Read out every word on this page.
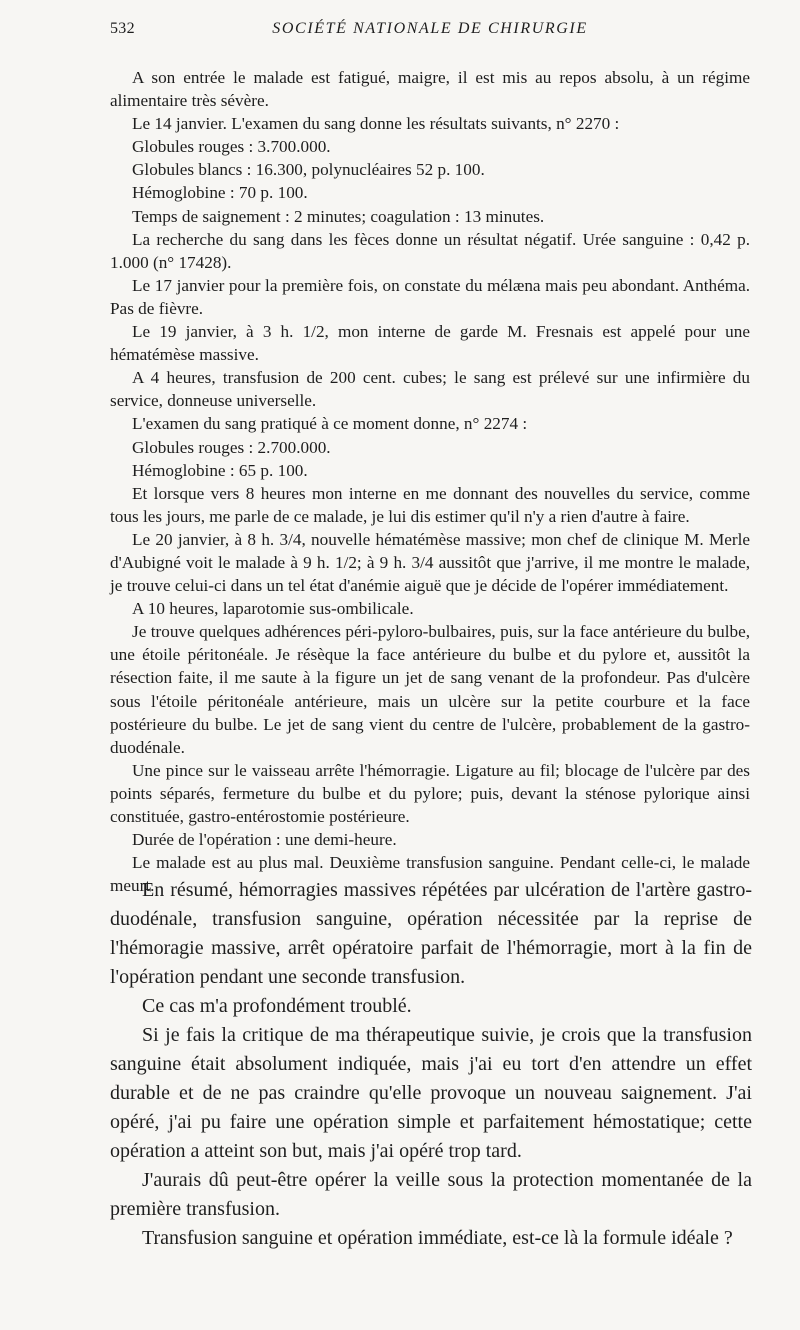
532	SOCIÉTÉ NATIONALE DE CHIRURGIE

A son entrée le malade est fatigué, maigre, il est mis au repos absolu, à un régime alimentaire très sévère.

Le 14 janvier. L'examen du sang donne les résultats suivants, n° 2270 :

Globules rouges : 3.700.000.

Globules blancs : 16.300, polynucléaires 52 p. 100.

Hémoglobine : 70 p. 100.

Temps de saignement : 2 minutes; coagulation : 13 minutes.

La recherche du sang dans les fèces donne un résultat négatif. Urée sanguine : 0,42 p. 1.000 (n° 17428).

Le 17 janvier pour la première fois, on constate du mélæna mais peu abondant. Anthéma. Pas de fièvre.

Le 19 janvier, à 3 h. 1/2, mon interne de garde M. Fresnais est appelé pour une hématémèse massive.

A 4 heures, transfusion de 200 cent. cubes; le sang est prélevé sur une infirmière du service, donneuse universelle.

L'examen du sang pratiqué à ce moment donne, n° 2274 :

Globules rouges : 2.700.000.

Hémoglobine : 65 p. 100.

Et lorsque vers 8 heures mon interne en me donnant des nouvelles du service, comme tous les jours, me parle de ce malade, je lui dis estimer qu'il n'y a rien d'autre à faire.

Le 20 janvier, à 8 h. 3/4, nouvelle hématémèse massive; mon chef de clinique M. Merle d'Aubigné voit le malade à 9 h. 1/2; à 9 h. 3/4 aussitôt que j'arrive, il me montre le malade, je trouve celui-ci dans un tel état d'anémie aiguë que je décide de l'opérer immédiatement.

A 10 heures, laparotomie sus-ombilicale.

Je trouve quelques adhérences péri-pyloro-bulbaires, puis, sur la face antérieure du bulbe, une étoile péritonéale. Je résèque la face antérieure du bulbe et du pylore et, aussitôt la résection faite, il me saute à la figure un jet de sang venant de la profondeur. Pas d'ulcère sous l'étoile péritonéale antérieure, mais un ulcère sur la petite courbure et la face postérieure du bulbe. Le jet de sang vient du centre de l'ulcère, probablement de la gastro-duodénale.

Une pince sur le vaisseau arrête l'hémorragie. Ligature au fil; blocage de l'ulcère par des points séparés, fermeture du bulbe et du pylore; puis, devant la sténose pylorique ainsi constituée, gastro-entérostomie postérieure.

Durée de l'opération : une demi-heure.

Le malade est au plus mal. Deuxième transfusion sanguine. Pendant celle-ci, le malade meurt.

En résumé, hémorragies massives répétées par ulcération de l'artère gastro-duodénale, transfusion sanguine, opération nécessitée par la reprise de l'hémoragie massive, arrêt opératoire parfait de l'hémorragie, mort à la fin de l'opération pendant une seconde transfusion.

Ce cas m'a profondément troublé.

Si je fais la critique de ma thérapeutique suivie, je crois que la transfusion sanguine était absolument indiquée, mais j'ai eu tort d'en attendre un effet durable et de ne pas craindre qu'elle provoque un nouveau saignement. J'ai opéré, j'ai pu faire une opération simple et parfaitement hémostatique; cette opération a atteint son but, mais j'ai opéré trop tard.

J'aurais dû peut-être opérer la veille sous la protection momentanée de la première transfusion.

Transfusion sanguine et opération immédiate, est-ce là la formule idéale ?
